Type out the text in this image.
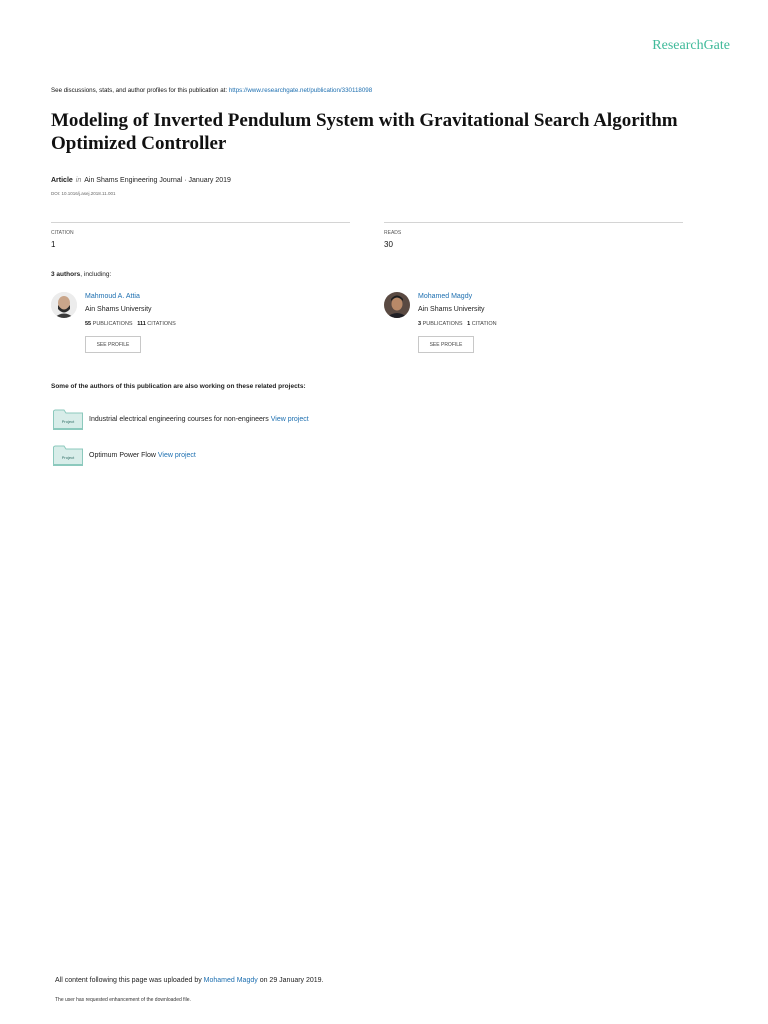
ResearchGate
See discussions, stats, and author profiles for this publication at: https://www.researchgate.net/publication/330118098
Modeling of Inverted Pendulum System with Gravitational Search Algorithm Optimized Controller
Article in Ain Shams Engineering Journal · January 2019
DOI: 10.1016/j.asej.2018.11.001
CITATION
1
READS
30
3 authors, including:
Mahmoud A. Attia
Ain Shams University
55 PUBLICATIONS 111 CITATIONS
SEE PROFILE
Mohamed Magdy
Ain Shams University
3 PUBLICATIONS 1 CITATION
SEE PROFILE
Some of the authors of this publication are also working on these related projects:
Project	Industrial electrical engineering courses for non-engineers View project
Project	Optimum Power Flow View project
All content following this page was uploaded by Mohamed Magdy on 29 January 2019.
The user has requested enhancement of the downloaded file.
